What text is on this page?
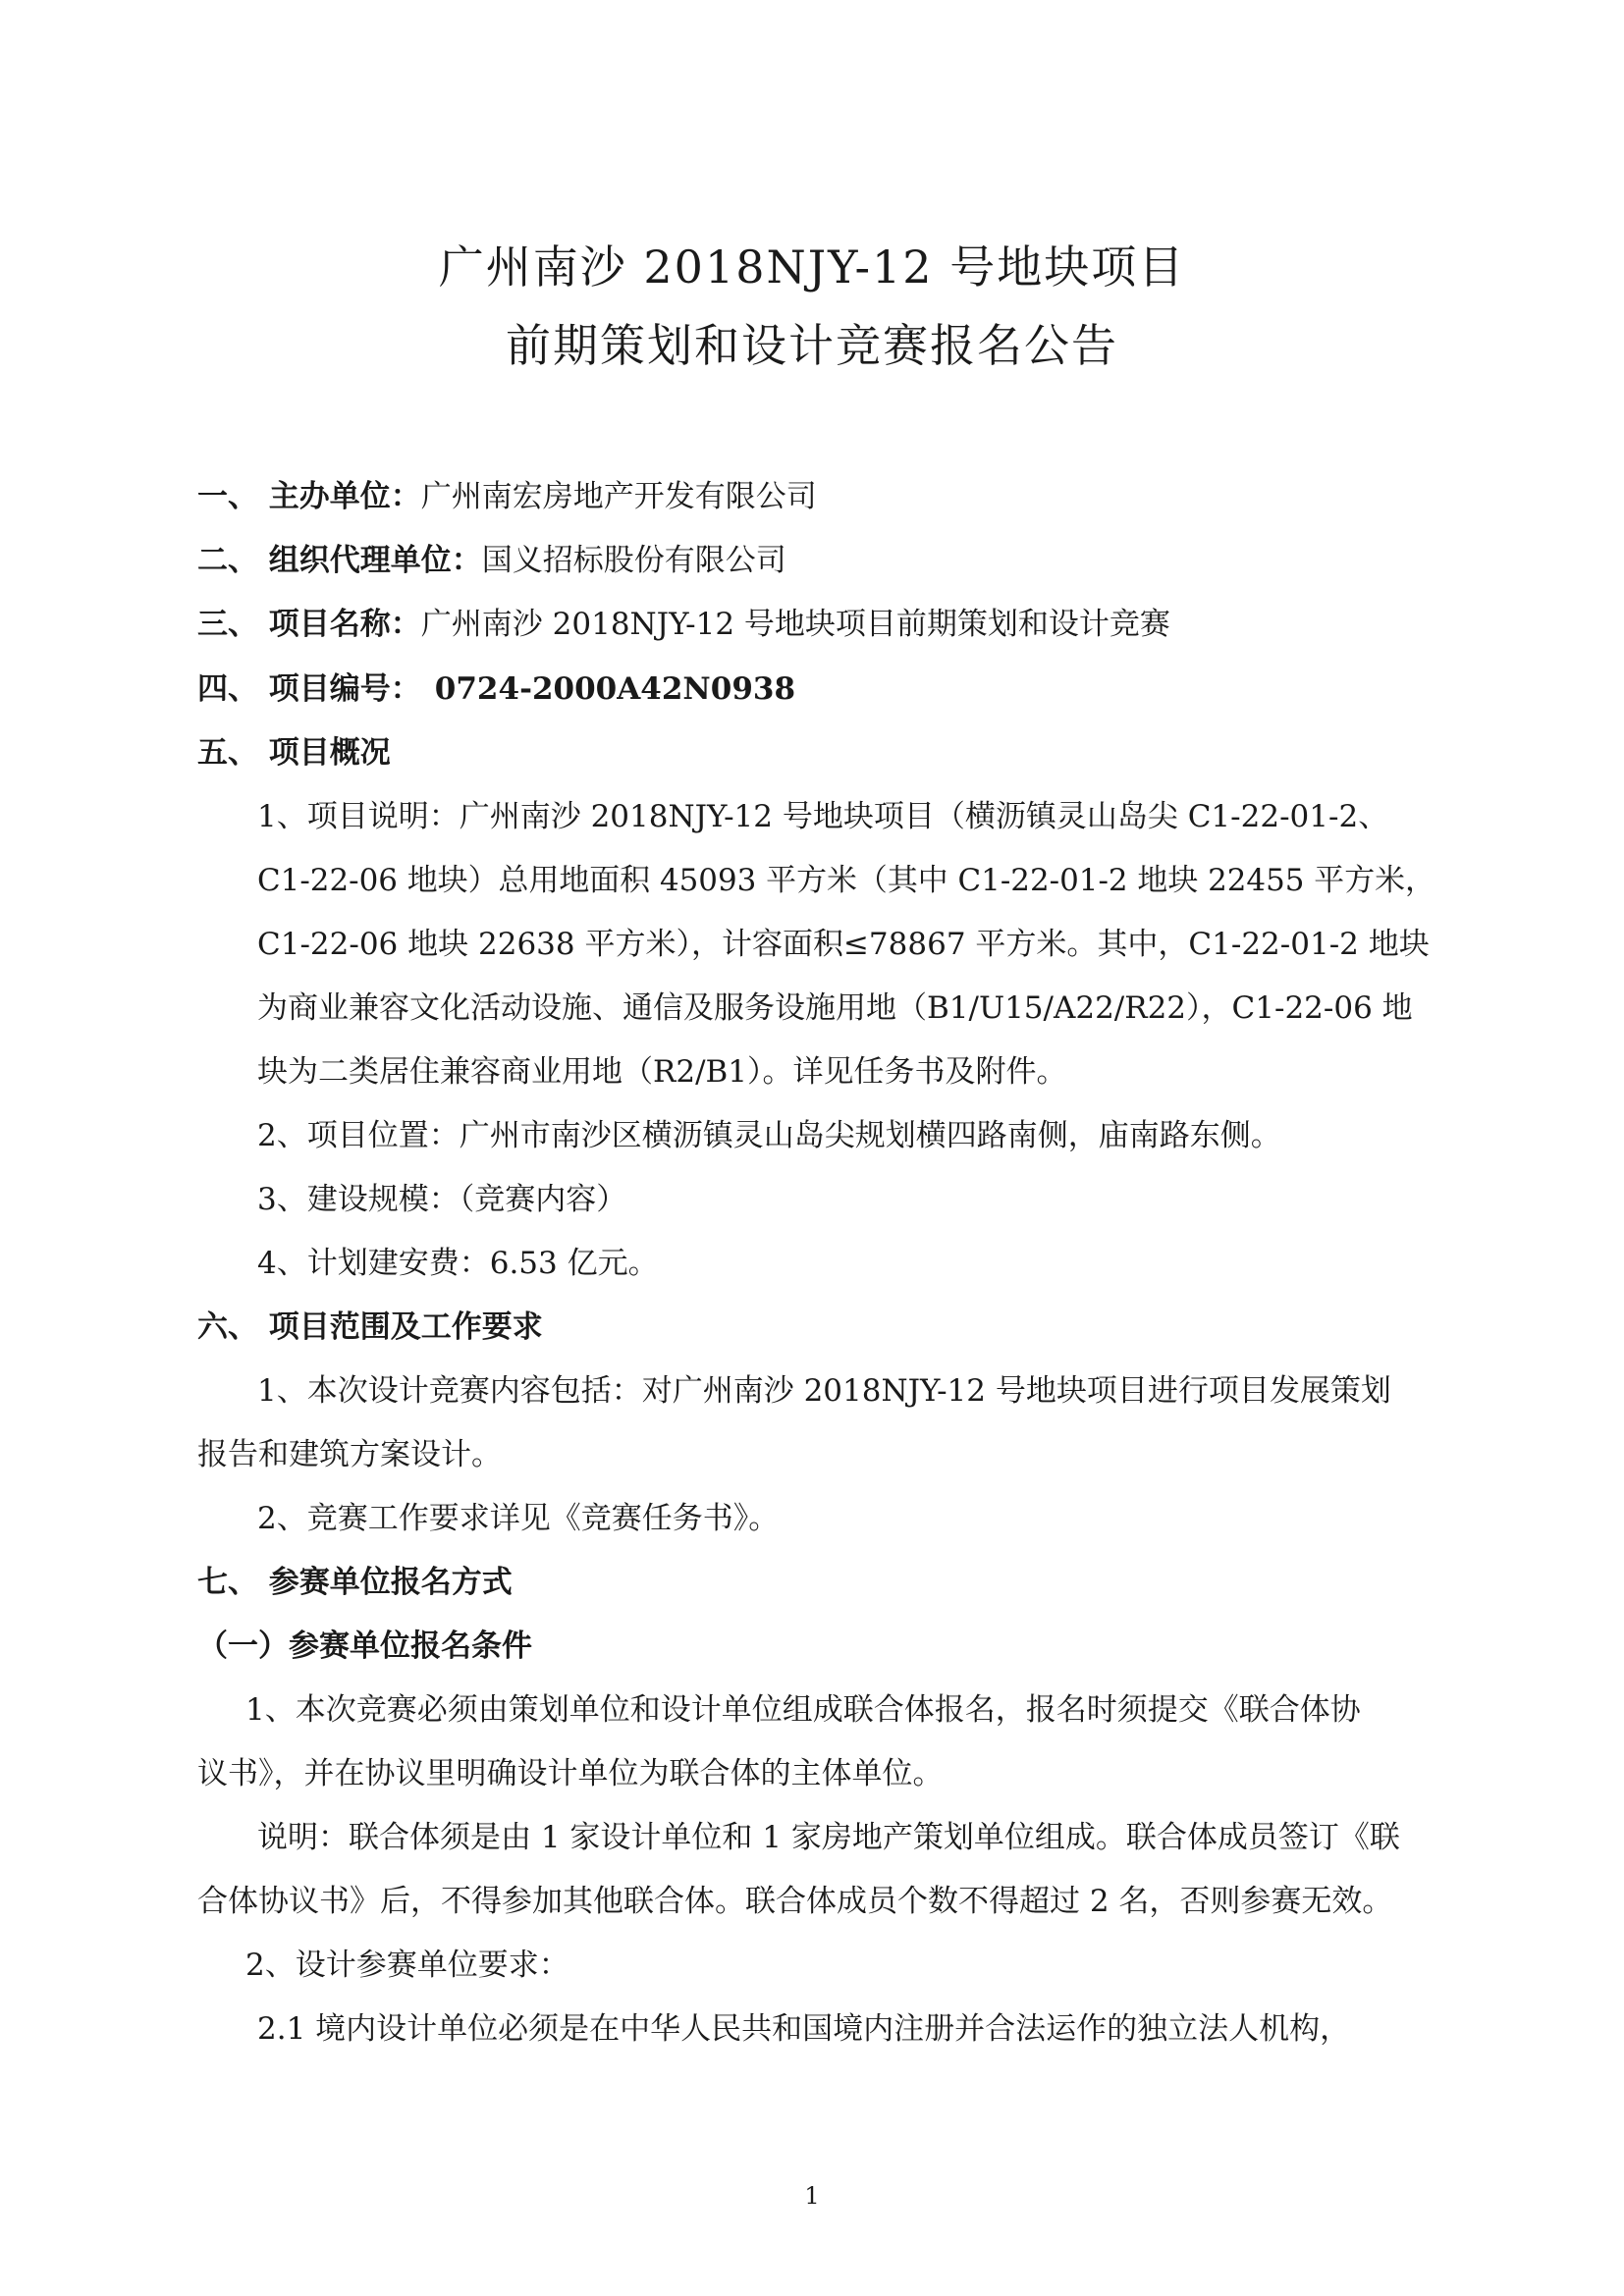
广州南沙 2018NJY-12 号地块项目
前期策划和设计竞赛报名公告
一、 主办单位：广州南宏房地产开发有限公司
二、 组织代理单位：国义招标股份有限公司
三、 项目名称：广州南沙 2018NJY-12 号地块项目前期策划和设计竞赛
四、 项目编号： 0724-2000A42N0938
五、 项目概况
1、项目说明：广州南沙 2018NJY-12 号地块项目（横沥镇灵山岛尖 C1-22-01-2、
C1-22-06 地块）总用地面积 45093 平方米（其中 C1-22-01-2 地块 22455 平方米，
C1-22-06 地块 22638 平方米），计容面积≤78867 平方米。其中，C1-22-01-2 地块
为商业兼容文化活动设施、通信及服务设施用地（B1/U15/A22/R22），C1-22-06 地
块为二类居住兼容商业用地（R2/B1）。详见任务书及附件。
2、项目位置：广州市南沙区横沥镇灵山岛尖规划横四路南侧，庙南路东侧。
3、建设规模：（竞赛内容）
4、计划建安费：6.53 亿元。
六、 项目范围及工作要求
1、本次设计竞赛内容包括：对广州南沙 2018NJY-12 号地块项目进行项目发展策划
报告和建筑方案设计。
2、竞赛工作要求详见《竞赛任务书》。
七、 参赛单位报名方式
（一）参赛单位报名条件
1、本次竞赛必须由策划单位和设计单位组成联合体报名，报名时须提交《联合体协
议书》，并在协议里明确设计单位为联合体的主体单位。
说明：联合体须是由 1 家设计单位和 1 家房地产策划单位组成。联合体成员签订《联
合体协议书》后，不得参加其他联合体。联合体成员个数不得超过 2 名，否则参赛无效。
2、设计参赛单位要求：
2.1 境内设计单位必须是在中华人民共和国境内注册并合法运作的独立法人机构，
1
